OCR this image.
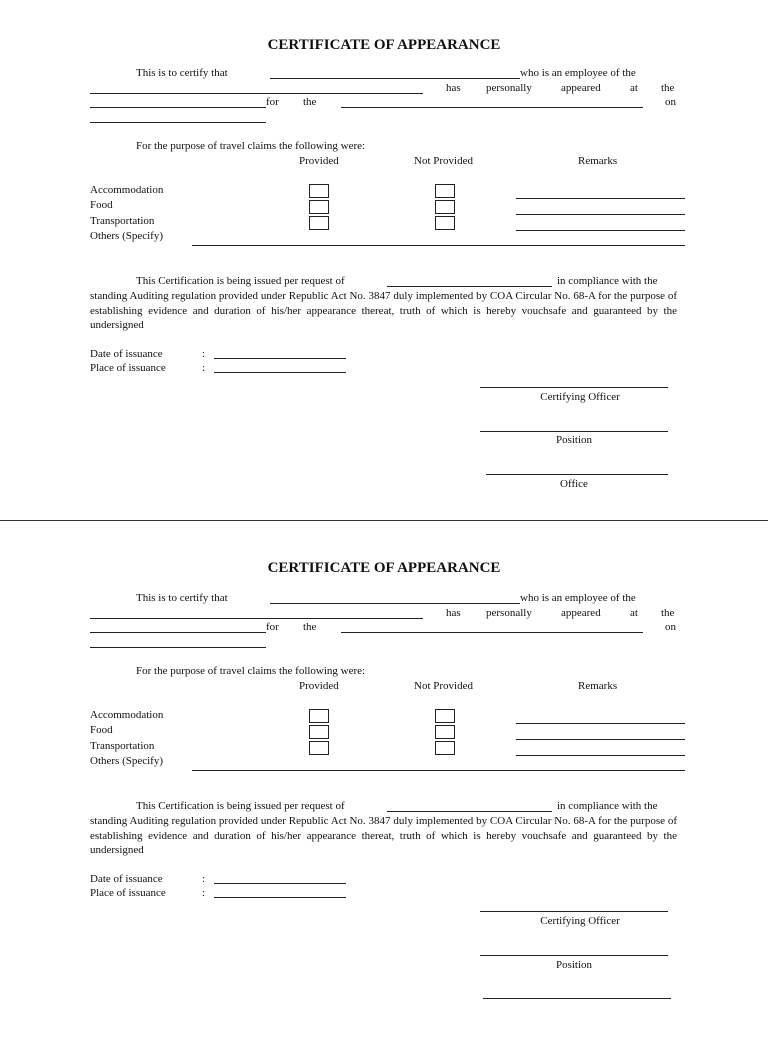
CERTIFICATE OF APPEARANCE
This is to certify that	who is an employee of the
has personally	appeared	at the
for the	on
For the purpose of travel claims the following were:
Provided	Not Provided	Remarks
Accommodation
Food
Transportation
Others (Specify)
This Certification is being issued per request of	in compliance with the
standing Auditing regulation provided under Republic Act No. 3847 duly implemented by COA Circular No. 68-A for the purpose of establishing evidence and duration of his/her appearance thereat, truth of which is hereby vouchsafe and guaranteed by the undersigned
Date of issuance	:
Place of issuance	:
Certifying Officer
Position
Office
CERTIFICATE OF APPEARANCE
This is to certify that	who is an employee of the
has personally	appeared	at the
for the	on
For the purpose of travel claims the following were:
Provided	Not Provided	Remarks
Accommodation
Food
Transportation
Others (Specify)
This Certification is being issued per request of	in compliance with the
standing Auditing regulation provided under Republic Act No. 3847 duly implemented by COA Circular No. 68-A for the purpose of establishing evidence and duration of his/her appearance thereat, truth of which is hereby vouchsafe and guaranteed by the undersigned
Date of issuance	:
Place of issuance	:
Certifying Officer
Position
